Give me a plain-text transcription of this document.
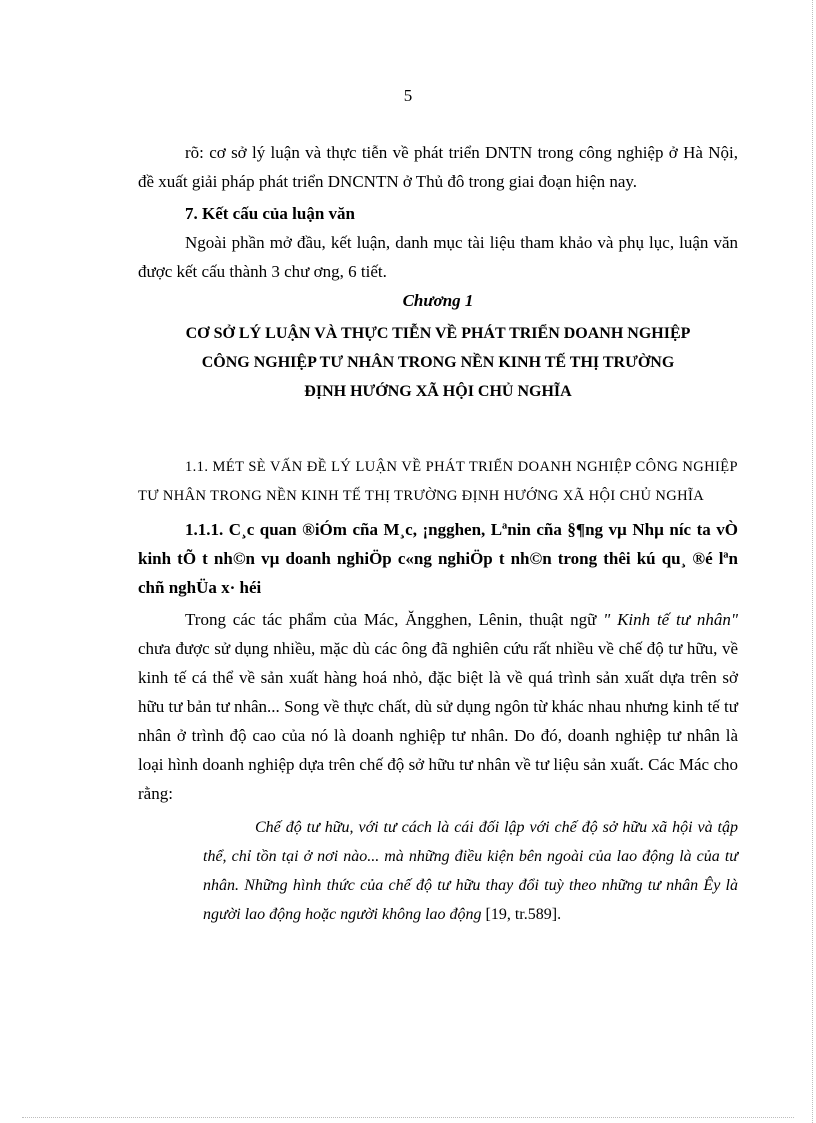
5

rõ: cơ sở lý luận và thực tiễn về phát triển DNTN trong công nghiệp ở Hà Nội, đề xuất giải pháp phát triển DNCNTN ở Thủ đô trong giai đoạn hiện nay.

7. Kết cấu của luận văn

Ngoài phần mở đầu, kết luận, danh mục tài liệu tham khảo và phụ lục, luận văn được kết cấu thành 3 chư ơng, 6 tiết.

Chương 1

CƠ SỞ LÝ LUẬN VÀ THỰC TIỄN VỀ PHÁT TRIỂN DOANH NGHIỆP
CÔNG NGHIỆP TƯ NHÂN TRONG NỀN KINH TẾ THỊ TRƯỜNG
ĐỊNH HƯỚNG XÃ HỘI CHỦ NGHĨA

1.1. MÉT SÈ VẤN ĐỀ LÝ LUẬN VỀ PHÁT TRIỂN DOANH NGHIỆP CÔNG NGHIỆP TƯ NHÂN TRONG NỀN KINH TẾ THỊ TRƯỜNG ĐỊNH HƯỚNG XÃ HỘI CHỦ NGHĨA

1.1.1. C¸c quan ®iÓm cña M¸c, ¡ngghen, Lªnin cña §¶ng vµ Nhµ níc ta vÒ kinh tÕ t nh©n vµ doanh nghiÖp c«ng nghiÖp t nh©n trong thêi kú qu¸ ®é lªn chñ nghÜa x· héi

Trong các tác phẩm của Mác, Ăngghen, Lênin, thuật ngữ " Kinh tế tư nhân" chưa được sử dụng nhiều, mặc dù các ông đã nghiên cứu rất nhiều về chế độ tư hữu, về kinh tế cá thể về sản xuất hàng hoá nhỏ, đặc biệt là về quá trình sản xuất dựa trên sở hữu tư bản tư nhân... Song về thực chất, dù sử dụng ngôn từ khác nhau nhưng kinh tế tư nhân ở trình độ cao của nó là doanh nghiệp tư nhân. Do đó, doanh nghiệp tư nhân là loại hình doanh nghiệp dựa trên chế độ sở hữu tư nhân về tư liệu sản xuất. Các Mác cho rằng:

Chế độ tư hữu, với tư cách là cái đối lập với chế độ sở hữu xã hội và tập thể, chỉ tồn tại ở nơi nào... mà những điều kiện bên ngoài của lao động là của tư nhân. Những hình thức của chế độ tư hữu thay đổi tuỳ theo những tư nhân Êy là người lao động hoặc người không lao động [19, tr.589].
